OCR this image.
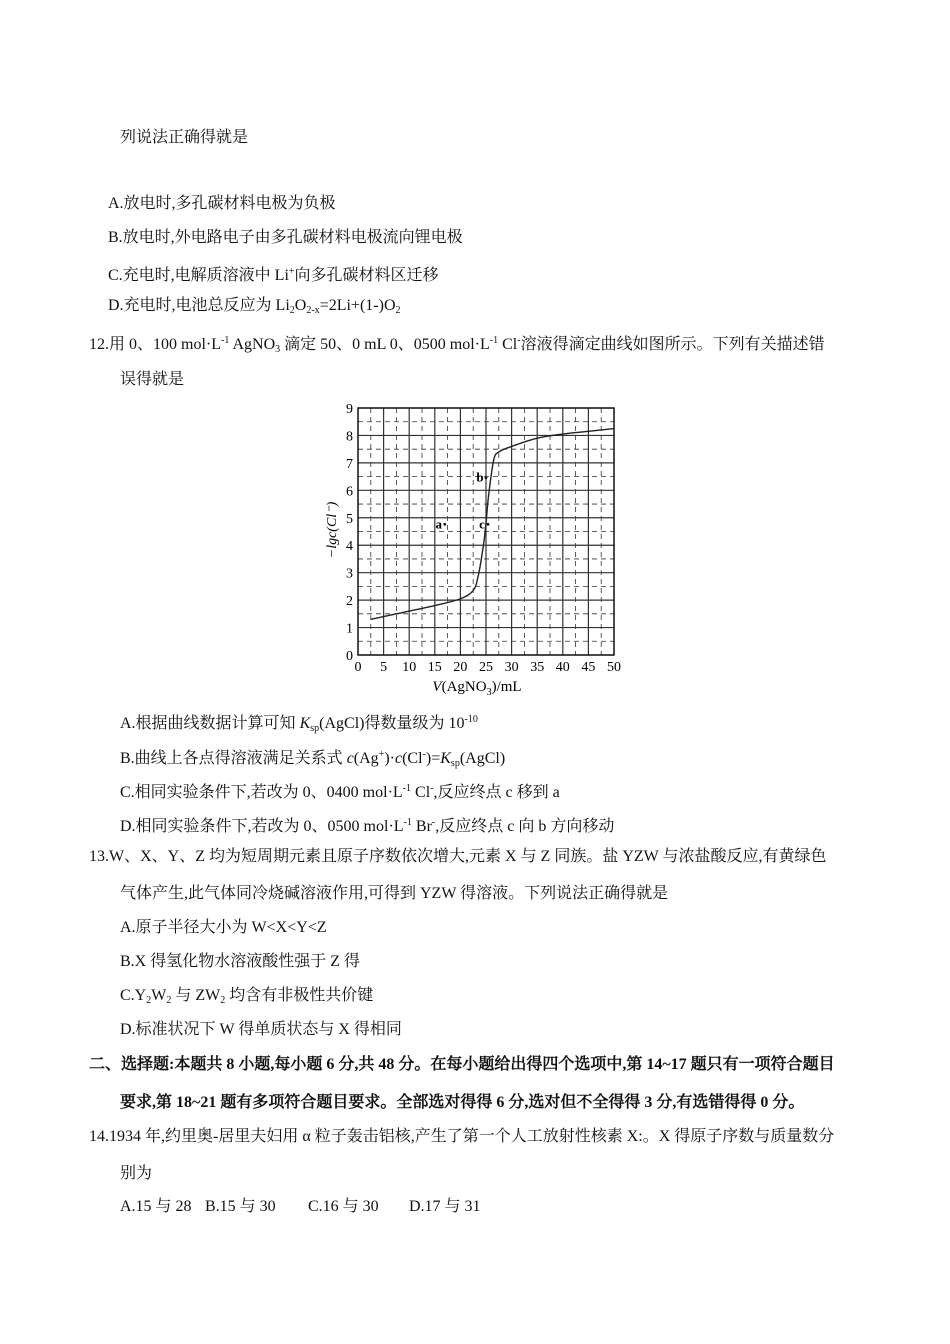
列说法正确得就是
A.放电时,多孔碳材料电极为负极
B.放电时,外电路电子由多孔碳材料电极流向锂电极
C.充电时,电解质溶液中 Li+向多孔碳材料区迁移
D.充电时,电池总反应为 $Li_2O_{2-x}=2Li+(1-)O_2$
12.用 0、100 $mol\cdot L^{-1}$ AgNO$_3$ 滴定 50、0 mL 0、0500 $mol\cdot L^{-1}$ Cl-溶液得滴定曲线如图所示。下列有关描述错
误得就是
0 5 10 15 20 25 30 35 40 45 50
0
1
2
3
4
5
6
7
8
9
a
b
c
−lgc(Cl⁻)
V(AgNO$_3$)/mL
A.根据曲线数据计算可知 $K_{sp}(AgCl)$得数量级为 $10^{-10}$
B.曲线上各点得溶液满足关系式 $c(Ag^+)\cdot c(Cl^-)=K_{sp}(AgCl)$
C.相同实验条件下,若改为 0、0400 $mol\cdot L^{-1}$ Cl-,反应终点 c 移到 a
D.相同实验条件下,若改为 0、0500 $mol\cdot L^{-1}$ Br-,反应终点 c 向 b 方向移动
13.W、X、Y、Z 均为短周期元素且原子序数依次增大,元素 X 与 Z 同族。盐 YZW 与浓盐酸反应,有黄绿色
气体产生,此气体同冷烧碱溶液作用,可得到 YZW 得溶液。下列说法正确得就是
A.原子半径大小为 W<X<Y<Z
B.X 得氢化物水溶液酸性强于 Z 得
$C.Y_2W_2$ 与 $ZW_2$ 均含有非极性共价键
D.标准状况下 W 得单质状态与 X 得相同
二、选择题:本题共 8 小题,每小题 6 分,共 48 分。在每小题给出得四个选项中,第 14~17 题只有一项符合题目
要求,第 18~21 题有多项符合题目要求。全部选对得得 6 分,选对但不全得得 3 分,有选错得得 0 分。
14.1934 年,约里奥-居里夫妇用 α 粒子轰击铝核,产生了第一个人工放射性核素 X:。X 得原子序数与质量数分
别为
A.15 与 28 B.15 与 30 C.16 与 30 D.17 与 31
